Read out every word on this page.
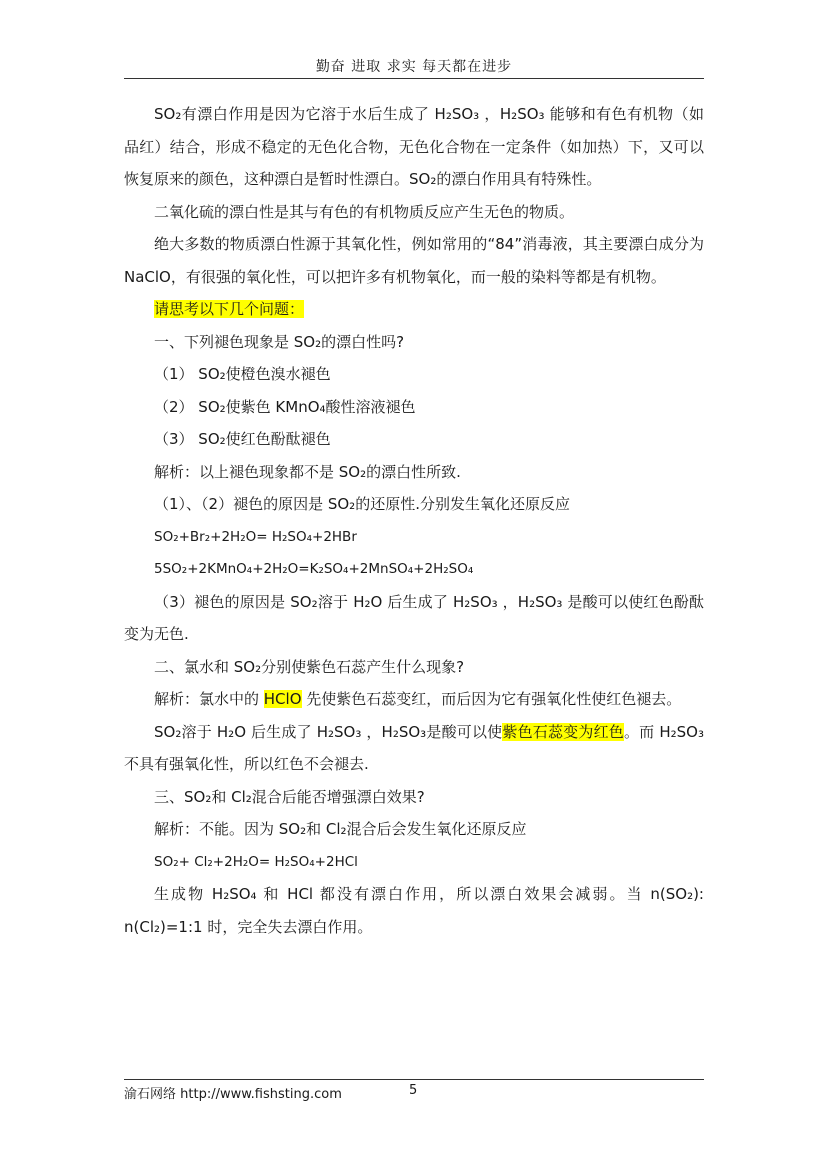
勤奋 进取 求实 每天都在进步

SO₂有漂白作用是因为它溶于水后生成了 H₂SO₃ ，H₂SO₃ 能够和有色有机物（如品红）结合，形成不稳定的无色化合物，无色化合物在一定条件（如加热）下，又可以恢复原来的颜色，这种漂白是暂时性漂白。SO₂的漂白作用具有特殊性。

二氧化硫的漂白性是其与有色的有机物质反应产生无色的物质。

绝大多数的物质漂白性源于其氧化性，例如常用的“84”消毒液，其主要漂白成分为 NaClO，有很强的氧化性，可以把许多有机物氧化，而一般的染料等都是有机物。

请思考以下几个问题：

一、下列褪色现象是 SO₂的漂白性吗?

（1） SO₂使橙色溴水褪色

（2） SO₂使紫色 KMnO₄酸性溶液褪色

（3） SO₂使红色酚酞褪色

解析：以上褪色现象都不是 SO₂的漂白性所致.

（1）、（2）褪色的原因是 SO₂的还原性.分别发生氧化还原反应

SO₂+Br₂+2H₂O= H₂SO₄+2HBr

5SO₂+2KMnO₄+2H₂O=K₂SO₄+2MnSO₄+2H₂SO₄

（3）褪色的原因是 SO₂溶于 H₂O 后生成了 H₂SO₃ ，H₂SO₃ 是酸可以使红色酚酞变为无色.

二、氯水和 SO₂分别使紫色石蕊产生什么现象?

解析：氯水中的 HClO 先使紫色石蕊变红，而后因为它有强氧化性使红色褪去。

SO₂溶于 H₂O 后生成了 H₂SO₃ ，H₂SO₃是酸可以使紫色石蕊变为红色。而 H₂SO₃不具有强氧化性，所以红色不会褪去.

三、SO₂和 Cl₂混合后能否增强漂白效果?

解析：不能。因为 SO₂和 Cl₂混合后会发生氧化还原反应

SO₂+ Cl₂+2H₂O= H₂SO₄+2HCl

生成物 H₂SO₄ 和 HCl 都没有漂白作用，所以漂白效果会减弱。当 n(SO₂): n(Cl₂)=1:1 时，完全失去漂白作用。

渝石网络 http://www.fishsting.com	5
